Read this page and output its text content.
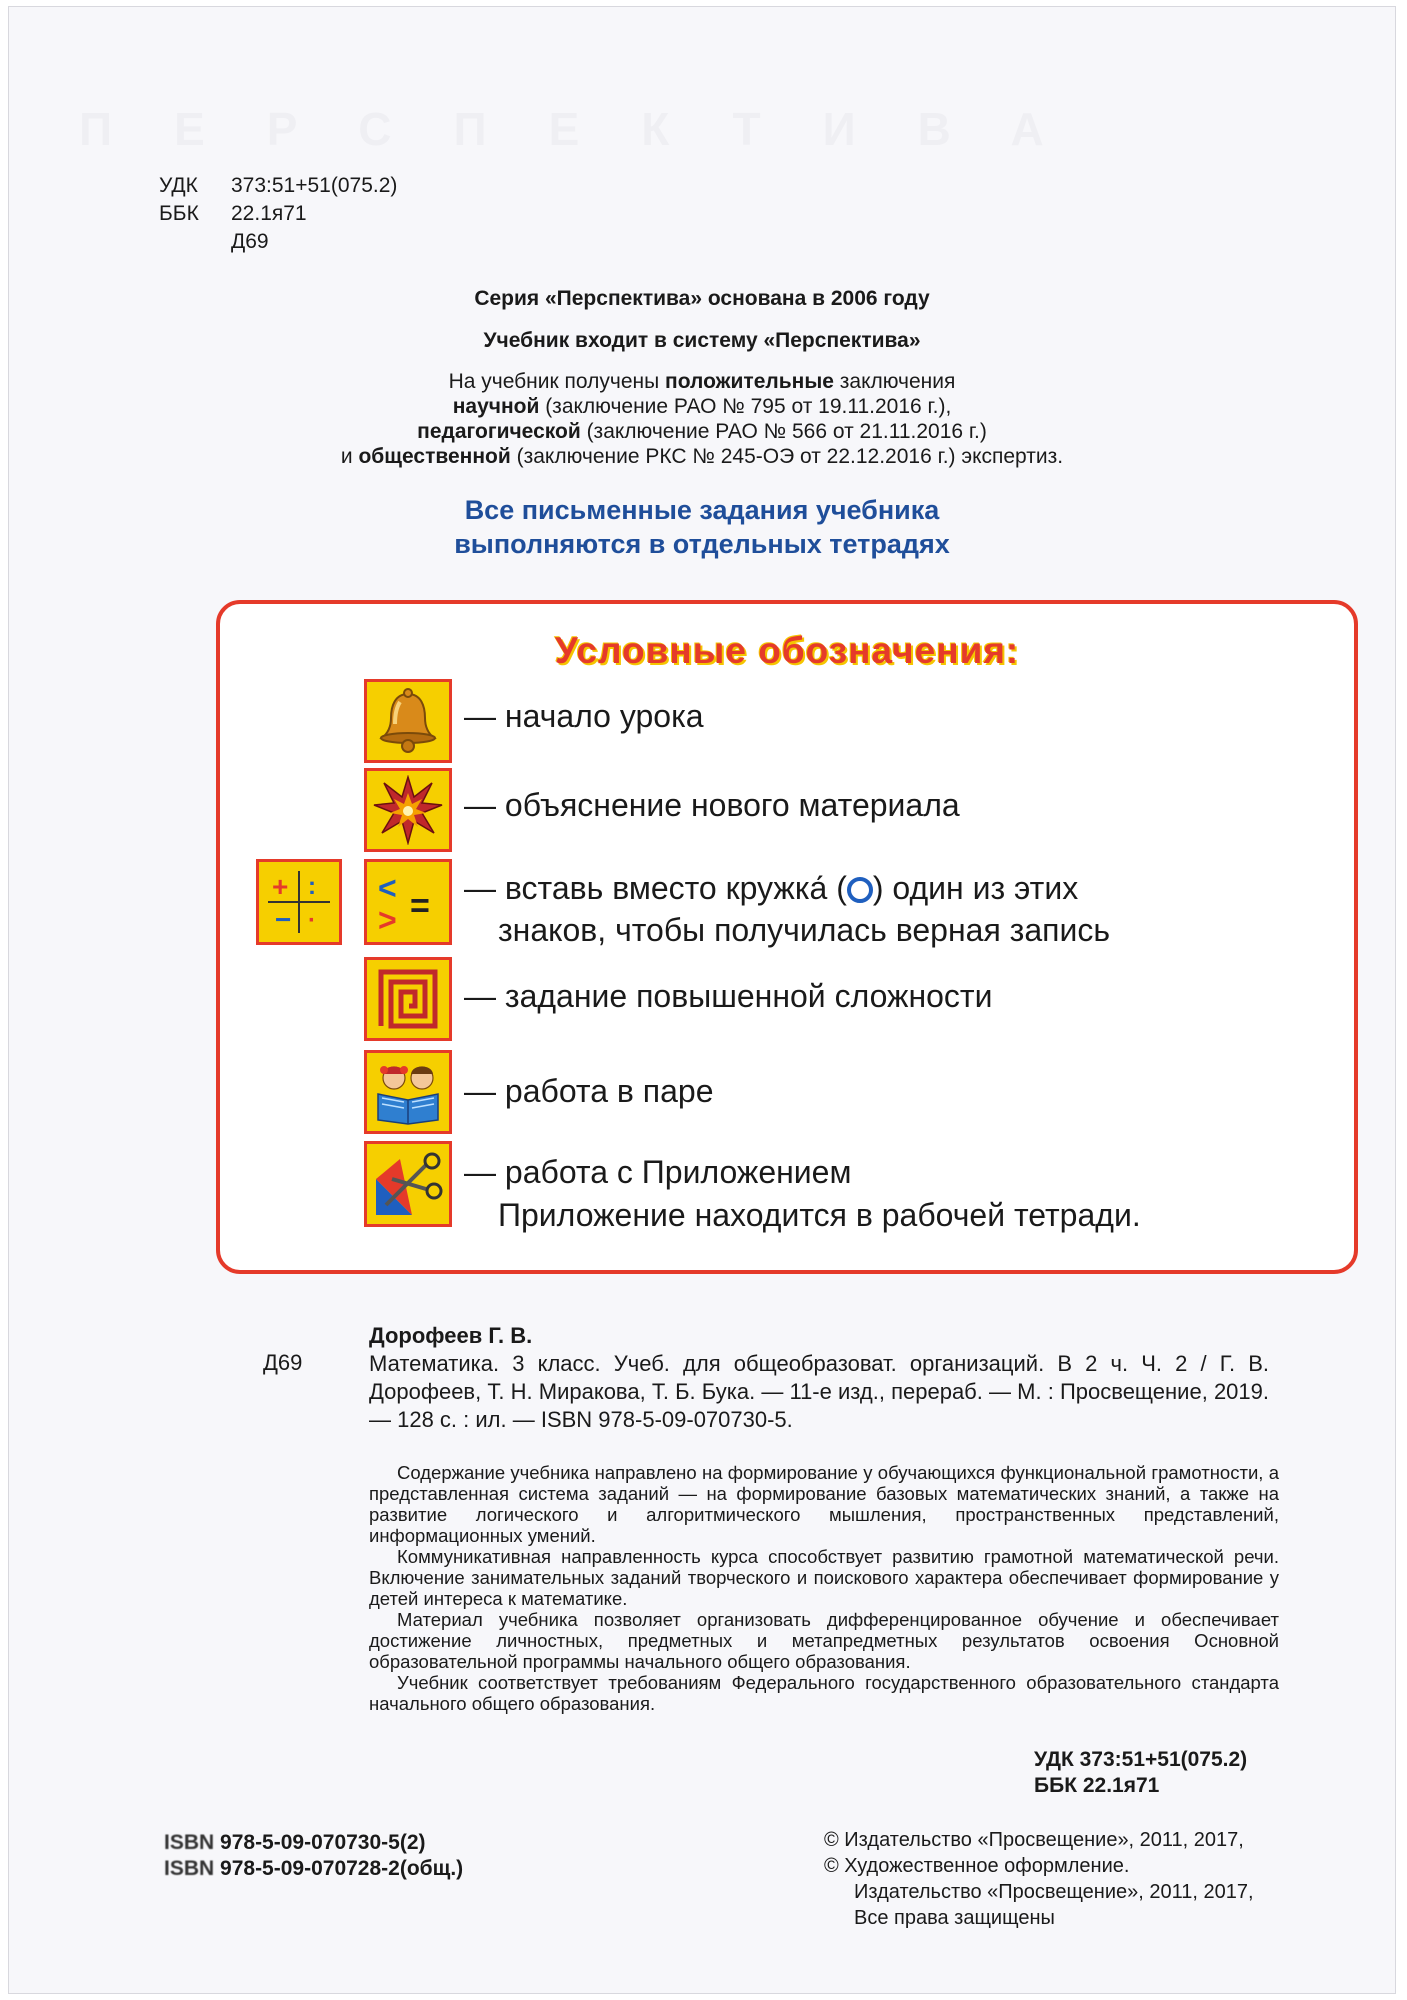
ПЕРСПЕКТИВА
УДК	373:51+51(075.2)
ББК	22.1я71
Д69
Серия «Перспектива» основана в 2006 году
Учебник входит в систему «Перспектива»
На учебник получены положительные заключения
научной (заключение РАО № 795 от 19.11.2016 г.),
педагогической (заключение РАО № 566 от 21.11.2016 г.)
и общественной (заключение РКС № 245-ОЭ от 22.12.2016 г.) экспертиз.
Все письменные задания учебника
выполняются в отдельных тетрадях
Условные обозначения:
— начало урока
— объяснение нового материала
+ :
− ·
<
> = — вставь вместо кружка́ ( ) один из этих
знаков, чтобы получилась верная запись
— задание повышенной сложности
— работа в паре
— работа с Приложением
Приложение находится в рабочей тетради.
Д69
Дорофеев Г. В.
Математика. 3 класс. Учеб. для общеобразоват. организаций. В 2 ч. Ч. 2 / Г. В. Дорофеев, Т. Н. Миракова, Т. Б. Бука. — 11-е изд., перераб. — М. : Просвещение, 2019. — 128 с. : ил. — ISBN 978-5-09-070730-5.

Содержание учебника направлено на формирование у обучающихся функциональной грамотности, а представленная система заданий — на формирование базовых математических знаний, а также на развитие логического и алгоритмического мышления, пространственных представлений, информационных умений.

Коммуникативная направленность курса способствует развитию грамотной математической речи. Включение занимательных заданий творческого и поискового характера обеспечивает формирование у детей интереса к математике.

Материал учебника позволяет организовать дифференцированное обучение и обеспечивает достижение личностных, предметных и метапредметных результатов освоения Основной образовательной программы начального общего образования.

Учебник соответствует требованиям Федерального государственного образовательного стандарта начального общего образования.

УДК 373:51+51(075.2)
ББК 22.1я71
ISBN 978-5-09-070730-5(2)
ISBN 978-5-09-070728-2(общ.)
© Издательство «Просвещение», 2011, 2017,
© Художественное оформление.
Издательство «Просвещение», 2011, 2017,
Все права защищены
